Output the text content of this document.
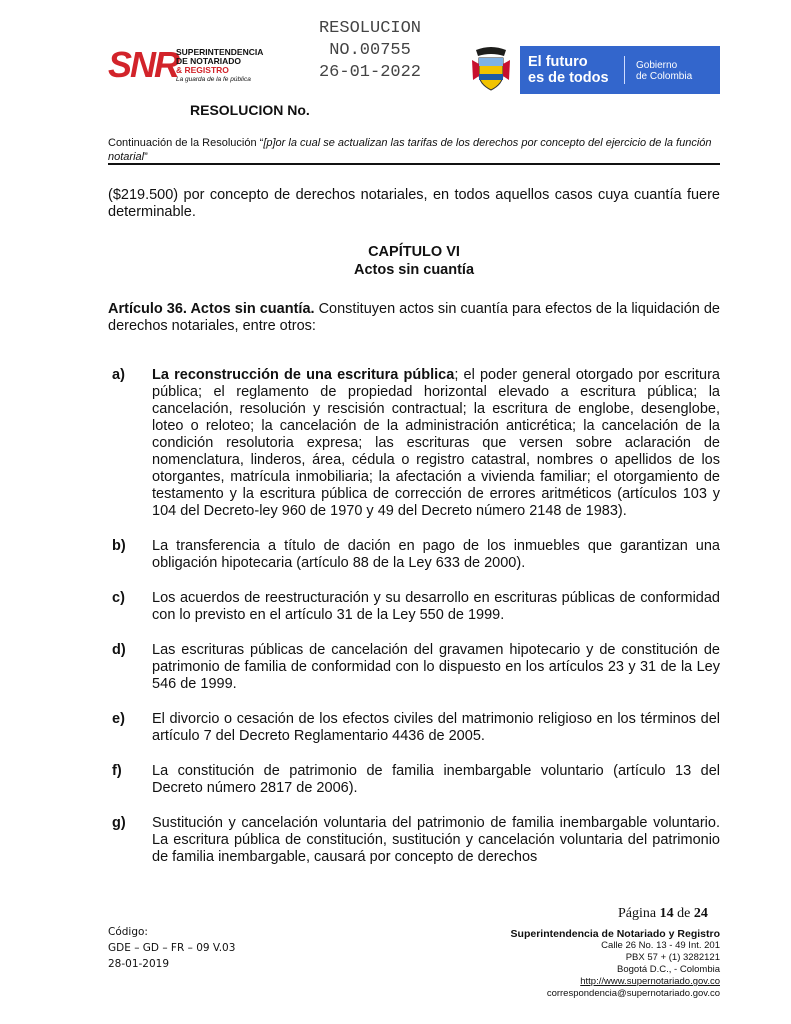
RESOLUCION
NO.00755
26-01-2022
SNR
SUPERINTENDENCIA
DE NOTARIADO
& REGISTRO
La guarda de la fe pública
El futuro
es de todos
Gobierno
de Colombia
RESOLUCION No.
Continuación de la Resolución “[p]or la cual se actualizan las tarifas de los derechos por concepto del ejercicio de la función notarial”

($219.500) por concepto de derechos notariales, en todos aquellos casos cuya cuantía fuere determinable.

CAPÍTULO VI
Actos sin cuantía

Artículo 36. Actos sin cuantía. Constituyen actos sin cuantía para efectos de la liquidación de derechos notariales, entre otros:

a)	La reconstrucción de una escritura pública; el poder general otorgado por escritura pública; el reglamento de propiedad horizontal elevado a escritura pública; la cancelación, resolución y rescisión contractual; la escritura de englobe, desenglobe, loteo o reloteo; la cancelación de la administración anticrética; la cancelación de la condición resolutoria expresa; las escrituras que versen sobre aclaración de nomenclatura, linderos, área, cédula o registro catastral, nombres o apellidos de los otorgantes, matrícula inmobiliaria; la afectación a vivienda familiar; el otorgamiento de testamento y la escritura pública de corrección de errores aritméticos (artículos 103 y 104 del Decreto-ley 960 de 1970 y 49 del Decreto número 2148 de 1983).
b)	La transferencia a título de dación en pago de los inmuebles que garantizan una obligación hipotecaria (artículo 88 de la Ley 633 de 2000).
c)	Los acuerdos de reestructuración y su desarrollo en escrituras públicas de conformidad con lo previsto en el artículo 31 de la Ley 550 de 1999.
d)	Las escrituras públicas de cancelación del gravamen hipotecario y de constitución de patrimonio de familia de conformidad con lo dispuesto en los artículos 23 y 31 de la Ley 546 de 1999.
e)	El divorcio o cesación de los efectos civiles del matrimonio religioso en los términos del artículo 7 del Decreto Reglamentario 4436 de 2005.
f)	La constitución de patrimonio de familia inembargable voluntario (artículo 13 del Decreto número 2817 de 2006).
g)	Sustitución y cancelación voluntaria del patrimonio de familia inembargable voluntario. La escritura pública de constitución, sustitución y cancelación voluntaria del patrimonio de familia inembargable, causará por concepto de derechos
Código:
GDE – GD – FR – 09 V.03
28-01-2019
Página 14 de 24
Superintendencia de Notariado y Registro
Calle 26 No. 13 - 49 Int. 201
PBX 57 + (1) 3282121
Bogotá D.C., - Colombia
http://www.supernotariado.gov.co
correspondencia@supernotariado.gov.co
